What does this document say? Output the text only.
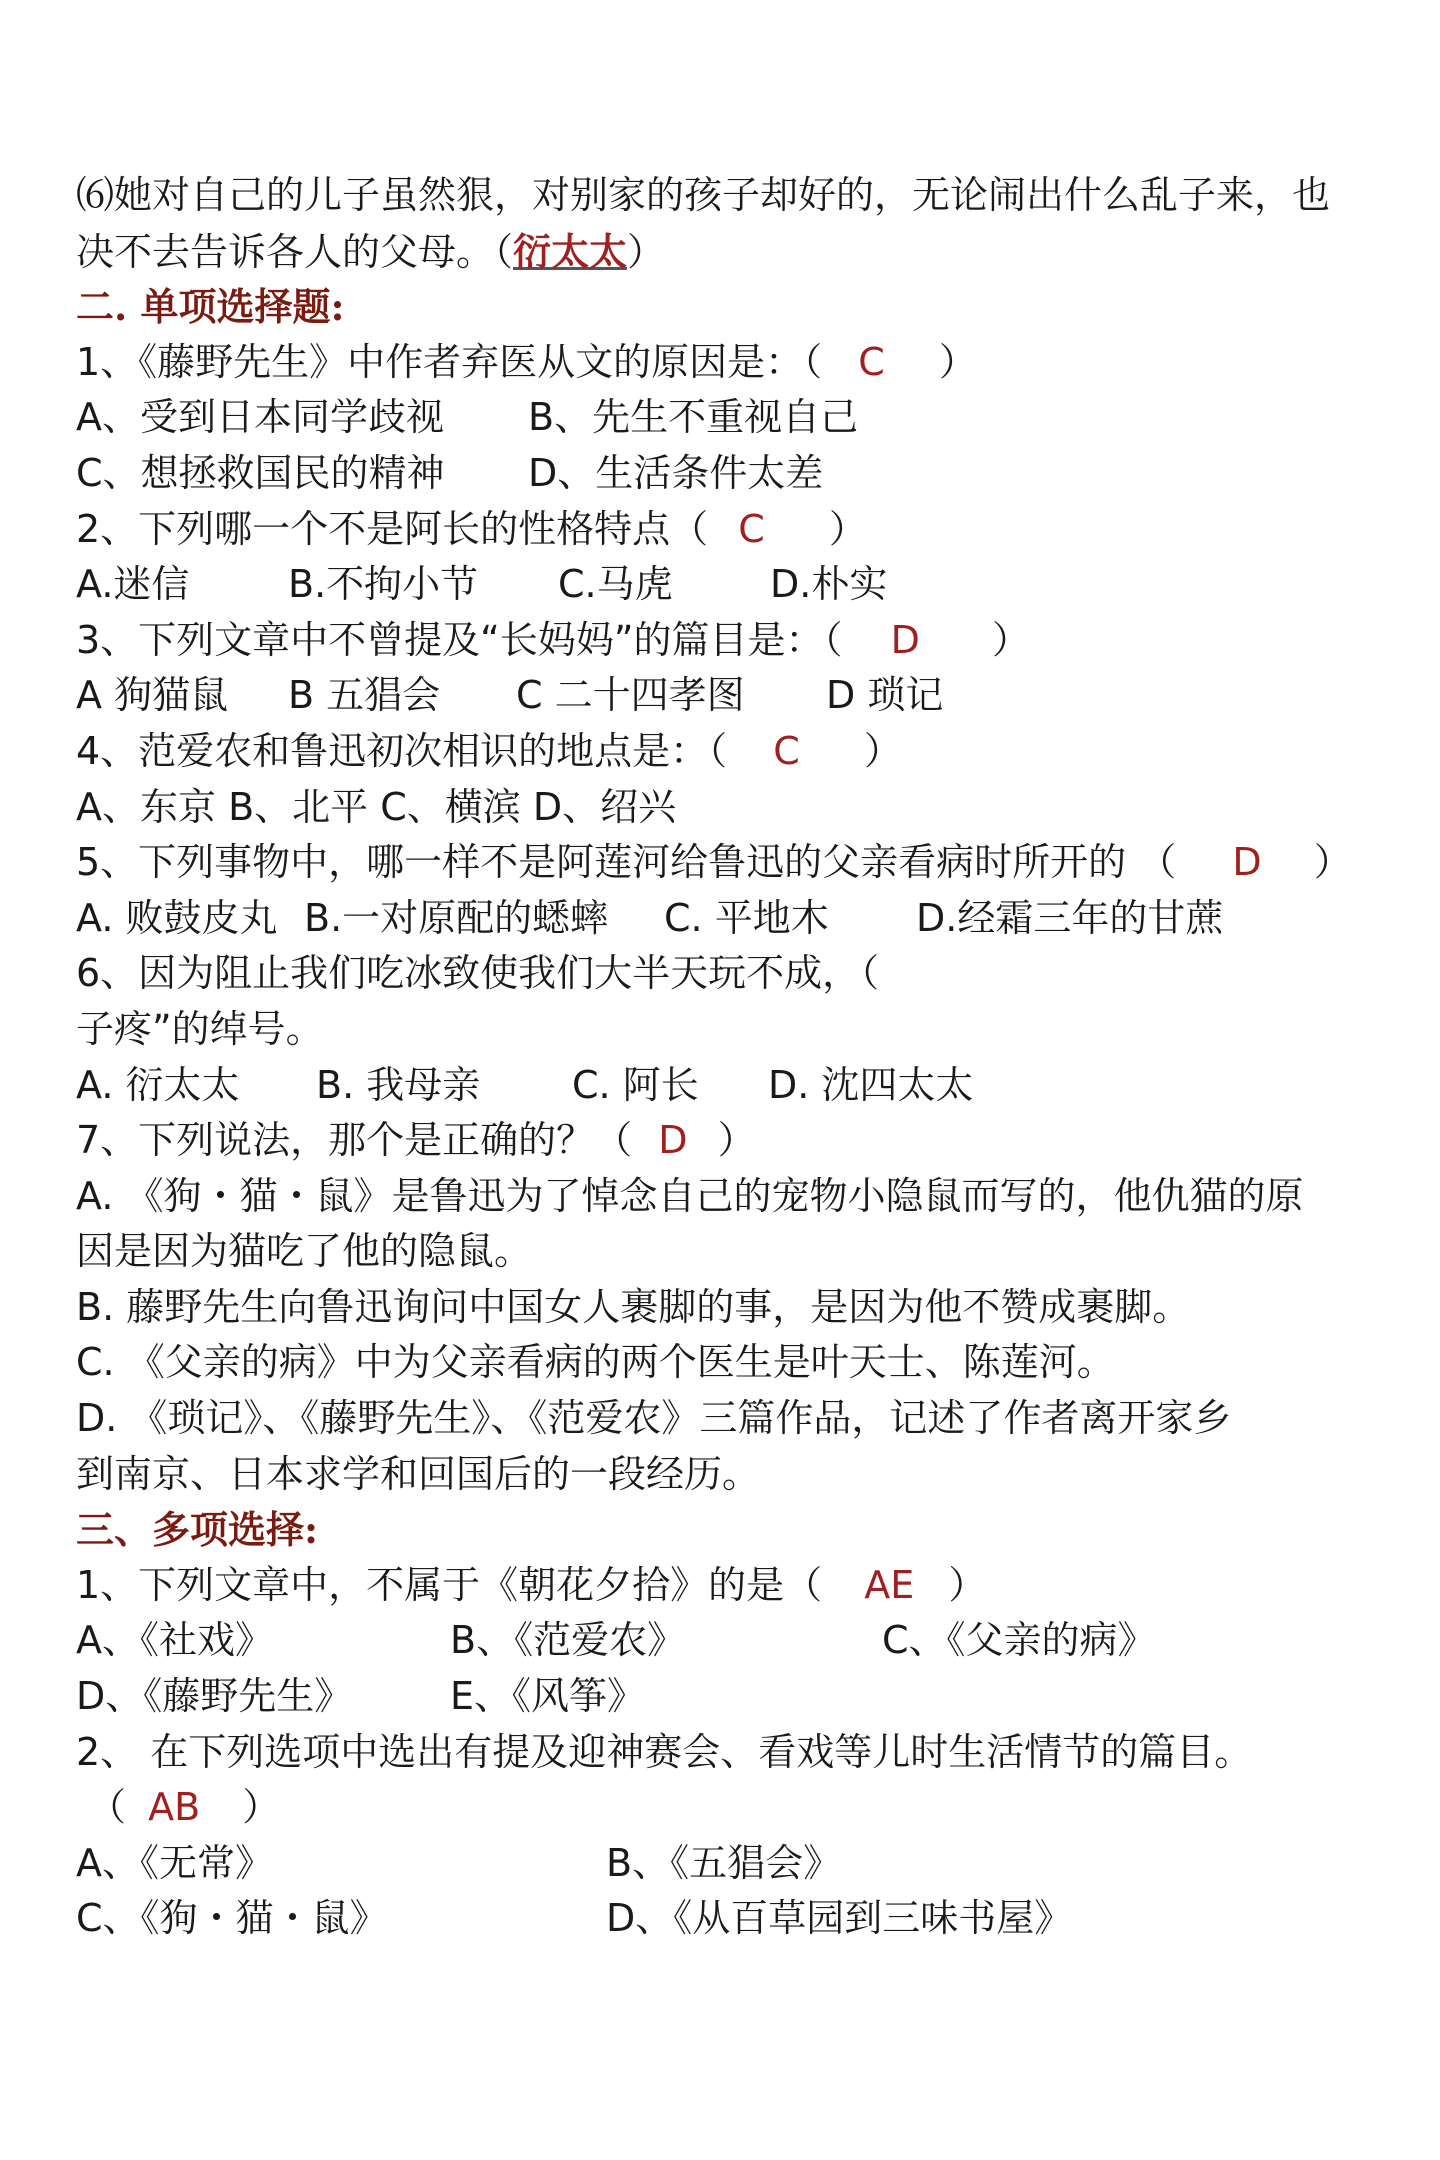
⑹她对自己的儿子虽然狠，对别家的孩子却好的，无论闹出什么乱子来，也
决不去告诉各人的父母。（衍太太）
二. 单项选择题:
1、《藤野先生》中作者弃医从文的原因是：（ C ）
A、受到日本同学歧视 B、先生不重视自己
C、想拯救国民的精神 D、生活条件太差
2、下列哪一个不是阿长的性格特点（ C ）
A.迷信	B.不拘小节 C.马虎	D.朴实
3、下列文章中不曾提及“长妈妈”的篇目是：（ D ）
A 狗猫鼠 B 五猖会 C 二十四孝图 D 琐记
4、范爱农和鲁迅初次相识的地点是：（ C ）
A、东京 B、北平 C、横滨 D、绍兴
5、下列事物中，哪一样不是阿莲河给鲁迅的父亲看病时所开的 （ D ）
A. 败鼓皮丸 B.一对原配的蟋蟀 C. 平地木 D.经霜三年的甘蔗
6、因为阻止我们吃冰致使我们大半天玩不成，（
子疼”的绰号。
A. 衍太太 B. 我母亲 C. 阿长 D. 沈四太太
7、下列说法，那个是正确的？（ D ）
A. 《狗・猫・鼠》是鲁迅为了悼念自己的宠物小隐鼠而写的，他仇猫的原
因是因为猫吃了他的隐鼠。
B. 藤野先生向鲁迅询问中国女人裹脚的事，是因为他不赞成裹脚。
C. 《父亲的病》中为父亲看病的两个医生是叶天士、陈莲河。
D. 《琐记》、《藤野先生》、《范爱农》三篇作品，记述了作者离开家乡
到南京、日本求学和回国后的一段经历。
三、多项选择:
1、下列文章中，不属于《朝花夕拾》的是（ AE ）
A、《社戏》	B、《范爱农》	C、《父亲的病》
D、《藤野先生》	E、《风筝》
2、 在下列选项中选出有提及迎神赛会、看戏等儿时生活情节的篇目。
（ AB ）
A、《无常》	B、《五猖会》
C、《狗・猫・鼠》	D、《从百草园到三味书屋》
